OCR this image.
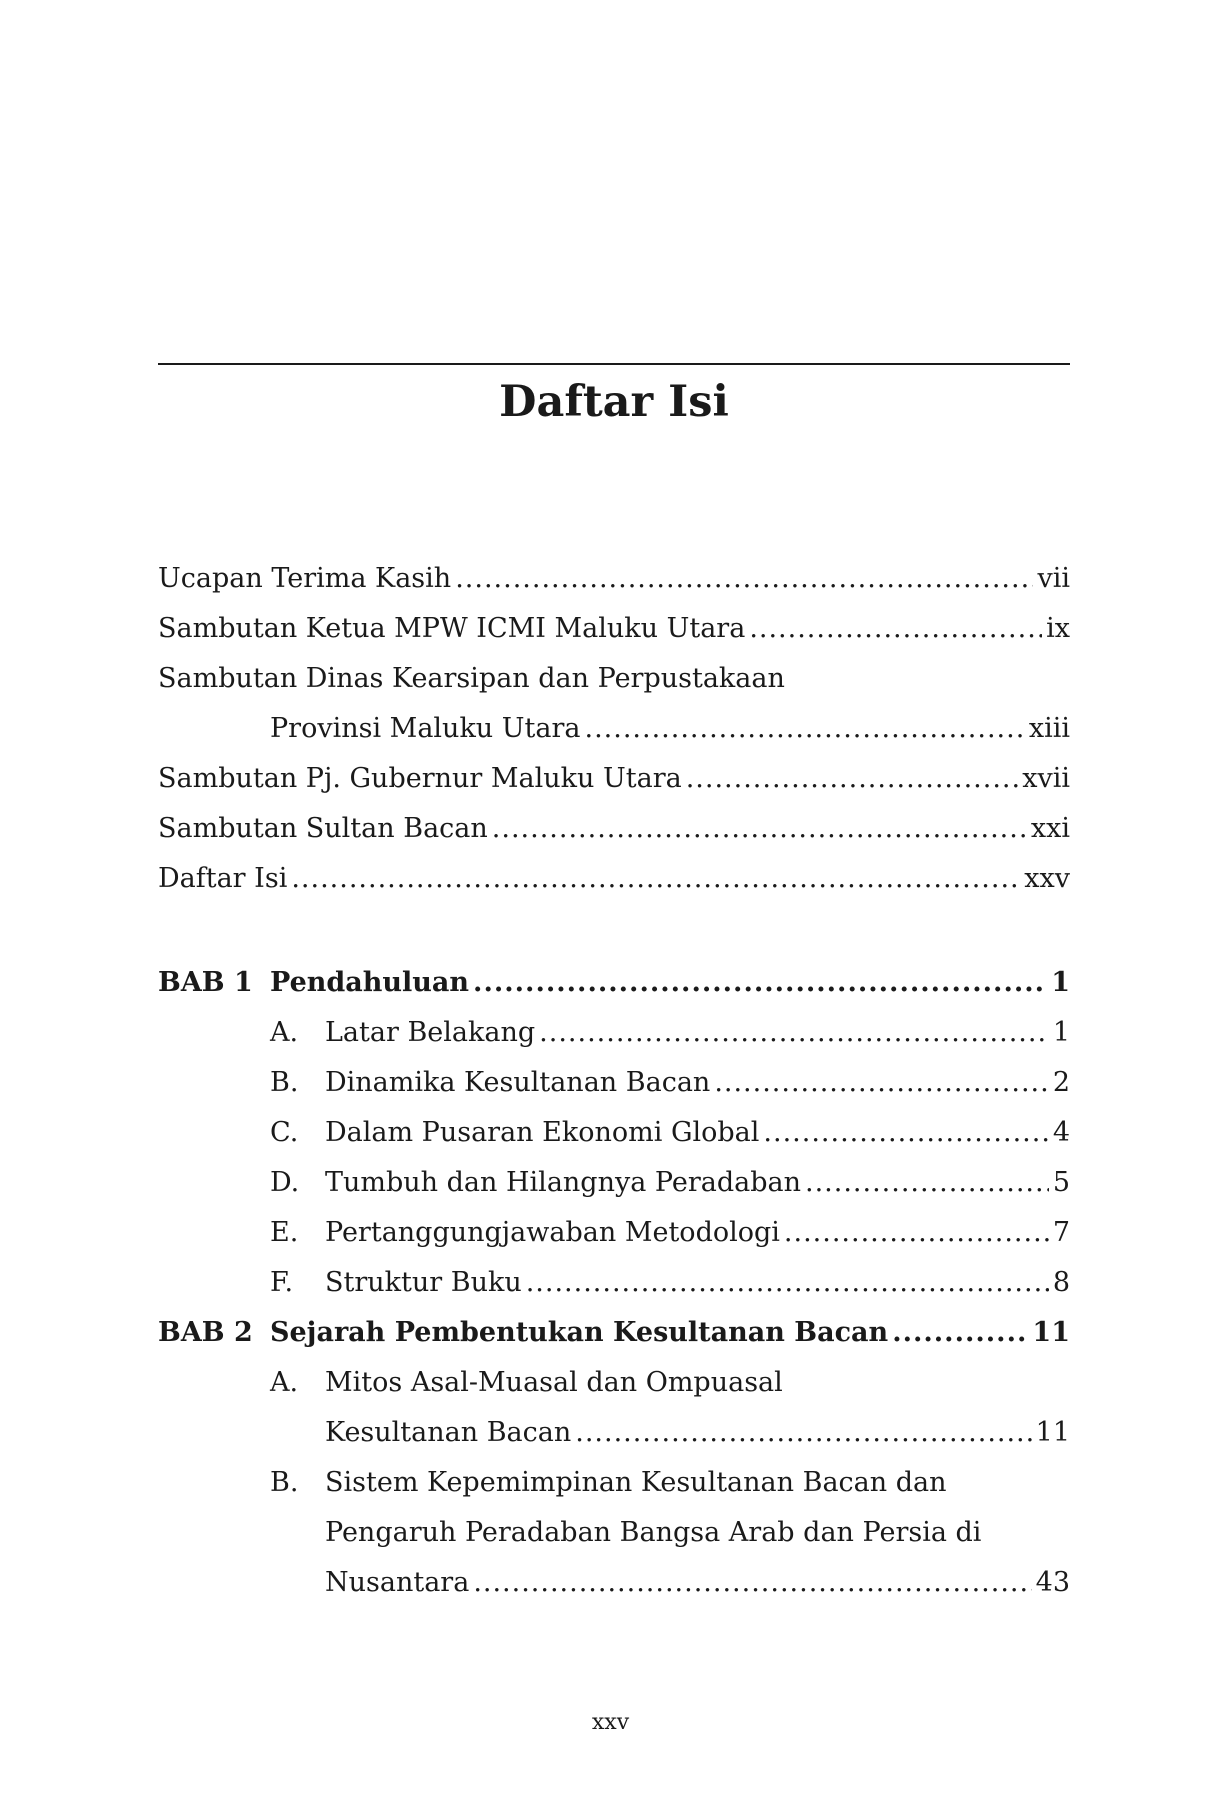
Daftar Isi
Ucapan Terima Kasih .....	vii
Sambutan Ketua MPW ICMI Maluku Utara .....	ix
Sambutan Dinas Kearsipan dan Perpustakaan
Provinsi Maluku Utara .....	xiii
Sambutan Pj. Gubernur Maluku Utara .....	xvii
Sambutan Sultan Bacan .....	xxi
Daftar Isi .....	xxv
BAB 1 Pendahuluan .....	1
A. Latar Belakang .....	1
B. Dinamika Kesultanan Bacan .....	2
C. Dalam Pusaran Ekonomi Global .....	4
D. Tumbuh dan Hilangnya Peradaban .....	5
E. Pertanggungjawaban Metodologi .....	7
F.	Struktur Buku .....	8
BAB 2 Sejarah Pembentukan Kesultanan Bacan .....	11
A. Mitos Asal-Muasal dan Ompuasal
Kesultanan Bacan .....	11
B. Sistem Kepemimpinan Kesultanan Bacan dan
Pengaruh Peradaban Bangsa Arab dan Persia di
Nusantara .....	43
xxv
